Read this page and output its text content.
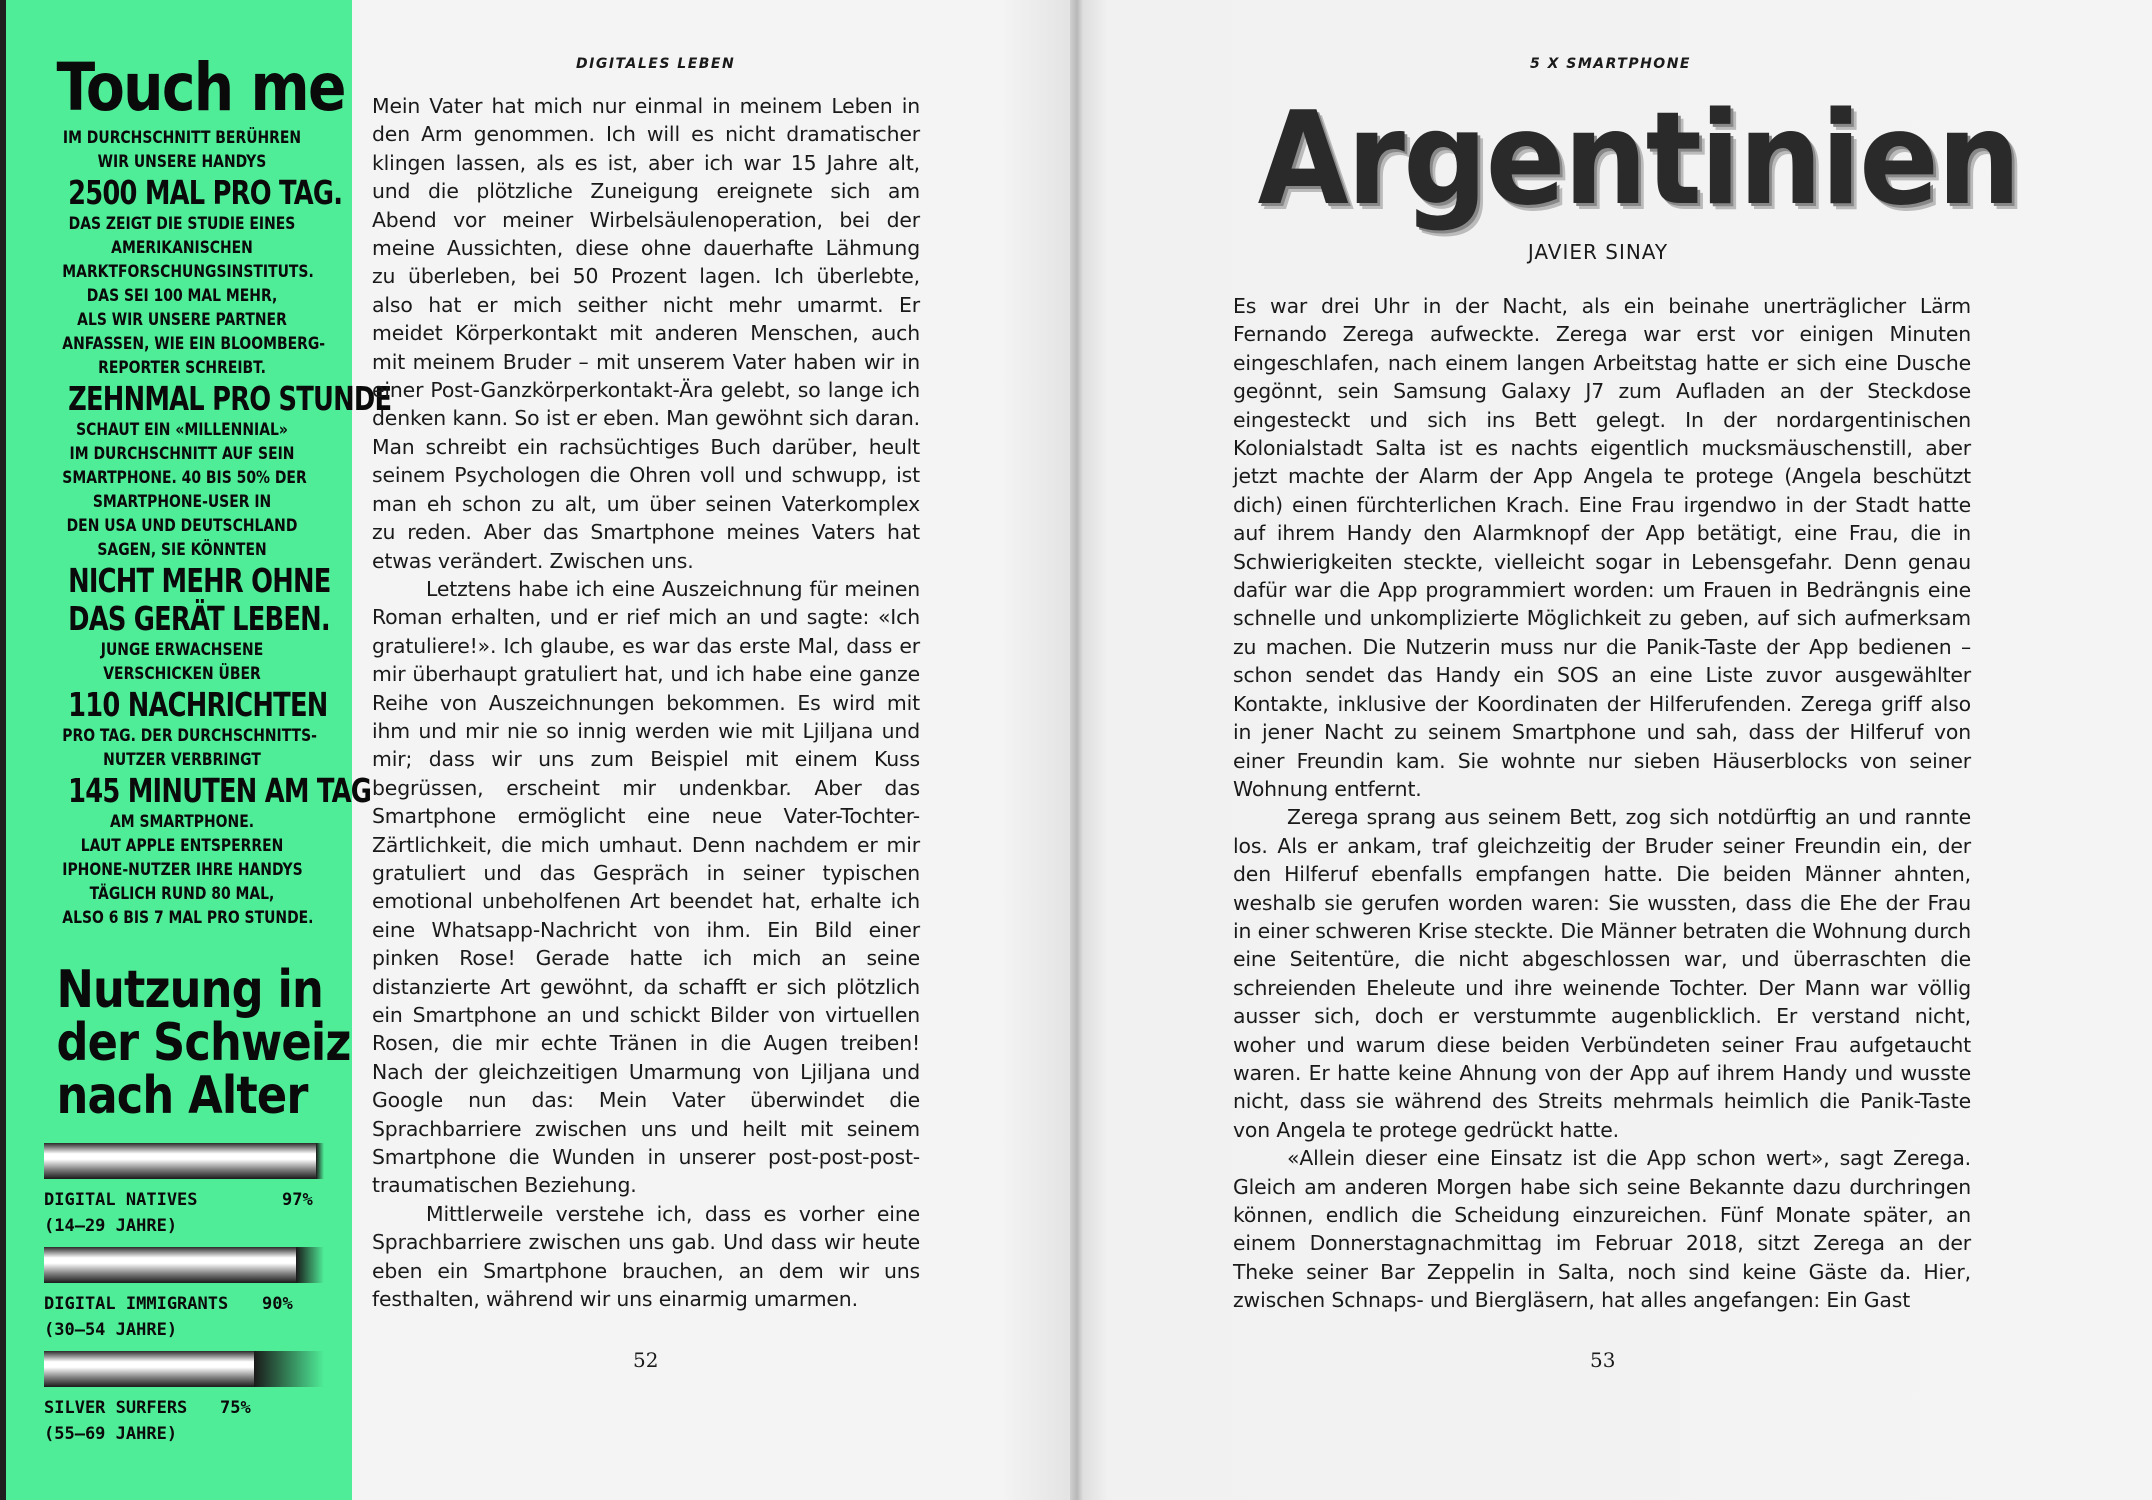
Touch me
IM DURCHSCHNITT BERÜHREN
WIR UNSERE HANDYS
2500 MAL PRO TAG.
DAS ZEIGT DIE STUDIE EINES
AMERIKANISCHEN
MARKTFORSCHUNGSINSTITUTS.
DAS SEI 100 MAL MEHR,
ALS WIR UNSERE PARTNER
ANFASSEN, WIE EIN BLOOMBERG-
REPORTER SCHREIBT.
ZEHNMAL PRO STUNDE
SCHAUT EIN «MILLENNIAL»
IM DURCHSCHNITT AUF SEIN
SMARTPHONE. 40 BIS 50% DER
SMARTPHONE-USER IN
DEN USA UND DEUTSCHLAND
SAGEN, SIE KÖNNTEN
NICHT MEHR OHNE
DAS GERÄT LEBEN.
JUNGE ERWACHSENE
VERSCHICKEN ÜBER
110 NACHRICHTEN
PRO TAG. DER DURCHSCHNITTS-
NUTZER VERBRINGT
145 MINUTEN AM TAG
AM SMARTPHONE.
LAUT APPLE ENTSPERREN
IPHONE-NUTZER IHRE HANDYS
TÄGLICH RUND 80 MAL,
ALSO 6 BIS 7 MAL PRO STUNDE.
Nutzung in
der Schweiz
nach Alter
DIGITAL NATIVES	97%
(14–29 JAHRE)
DIGITAL IMMIGRANTS 90%
(30–54 JAHRE)
SILVER SURFERS 75%
(55–69 JAHRE)
DIGITALES LEBEN

Mein Vater hat mich nur einmal in meinem Leben in den Arm genommen. Ich will es nicht dramatischer klingen lassen, als es ist, aber ich war 15 Jahre alt, und die plötzliche Zuneigung ereignete sich am Abend vor meiner Wirbelsäulenoperation, bei der meine Aussichten, diese ohne dauerhafte Lähmung zu überleben, bei 50 Prozent lagen. Ich überlebte, also hat er mich seither nicht mehr umarmt. Er meidet Körperkontakt mit anderen Menschen, auch mit meinem Bruder – mit unserem Vater haben wir in einer Post-Ganzkörperkontakt-Ära gelebt, so lange ich denken kann. So ist er eben. Man gewöhnt sich daran. Man schreibt ein rachsüchtiges Buch darüber, heult seinem Psychologen die Ohren voll und schwupp, ist man eh schon zu alt, um über seinen Vaterkomplex zu reden. Aber das Smartphone meines Vaters hat etwas verändert. Zwischen uns.

Letztens habe ich eine Auszeichnung für meinen Roman erhalten, und er rief mich an und sagte: «Ich gratuliere!». Ich glaube, es war das erste Mal, dass er mir überhaupt gratuliert hat, und ich habe eine ganze Reihe von Auszeichnungen bekommen. Es wird mit ihm und mir nie so innig werden wie mit Ljiljana und mir; dass wir uns zum Beispiel mit einem Kuss begrüssen, erscheint mir undenkbar. Aber das Smartphone ermöglicht eine neue Vater-Tochter-Zärtlichkeit, die mich umhaut. Denn nachdem er mir gratuliert und das Gespräch in seiner typischen emotional unbeholfenen Art beendet hat, erhalte ich eine Whatsapp-Nachricht von ihm. Ein Bild einer pinken Rose! Gerade hatte ich mich an seine distanzierte Art gewöhnt, da schafft er sich plötzlich ein Smartphone an und schickt Bilder von virtuellen Rosen, die mir echte Tränen in die Augen treiben! Nach der gleichzeitigen Umarmung von Ljiljana und Google nun das: Mein Vater überwindet die Sprachbarriere zwischen uns und heilt mit seinem Smartphone die Wunden in unserer post-post-post-traumatischen Beziehung.

Mittlerweile verstehe ich, dass es vorher eine Sprachbarriere zwischen uns gab. Und dass wir heute eben ein Smartphone brauchen, an dem wir uns festhalten, während wir uns einarmig umarmen.

52
5 X SMARTPHONE
Argentinien
JAVIER SINAY

Es war drei Uhr in der Nacht, als ein beinahe unerträglicher Lärm Fernando Zerega aufweckte. Zerega war erst vor einigen Minuten eingeschlafen, nach einem langen Arbeitstag hatte er sich eine Dusche gegönnt, sein Samsung Galaxy J7 zum Aufladen an der Steckdose eingesteckt und sich ins Bett gelegt. In der nordargentinischen Kolonialstadt Salta ist es nachts eigentlich mucksmäuschenstill, aber jetzt machte der Alarm der App Angela te protege (Angela beschützt dich) einen fürchterlichen Krach. Eine Frau irgendwo in der Stadt hatte auf ihrem Handy den Alarmknopf der App betätigt, eine Frau, die in Schwierigkeiten steckte, vielleicht sogar in Lebensgefahr. Denn genau dafür war die App programmiert worden: um Frauen in Bedrängnis eine schnelle und unkomplizierte Möglichkeit zu geben, auf sich aufmerksam zu machen. Die Nutzerin muss nur die Panik-Taste der App bedienen – schon sendet das Handy ein SOS an eine Liste zuvor ausgewählter Kontakte, inklusive der Koordinaten der Hilferufenden. Zerega griff also in jener Nacht zu seinem Smartphone und sah, dass der Hilferuf von einer Freundin kam. Sie wohnte nur sieben Häuserblocks von seiner Wohnung entfernt.

Zerega sprang aus seinem Bett, zog sich notdürftig an und rannte los. Als er ankam, traf gleichzeitig der Bruder seiner Freundin ein, der den Hilferuf ebenfalls empfangen hatte. Die beiden Männer ahnten, weshalb sie gerufen worden waren: Sie wussten, dass die Ehe der Frau in einer schweren Krise steckte. Die Männer betraten die Wohnung durch eine Seitentüre, die nicht abgeschlossen war, und überraschten die schreienden Eheleute und ihre weinende Tochter. Der Mann war völlig ausser sich, doch er verstummte augenblicklich. Er verstand nicht, woher und warum diese beiden Verbündeten seiner Frau aufgetaucht waren. Er hatte keine Ahnung von der App auf ihrem Handy und wusste nicht, dass sie während des Streits mehrmals heimlich die Panik-Taste von Angela te protege gedrückt hatte.

«Allein dieser eine Einsatz ist die App schon wert», sagt Zerega. Gleich am anderen Morgen habe sich seine Bekannte dazu durchringen können, endlich die Scheidung einzureichen. Fünf Monate später, an einem Donnerstagnachmittag im Februar 2018, sitzt Zerega an der Theke seiner Bar Zeppelin in Salta, noch sind keine Gäste da. Hier, zwischen Schnaps- und Biergläsern, hat alles angefangen: Ein Gast

53
